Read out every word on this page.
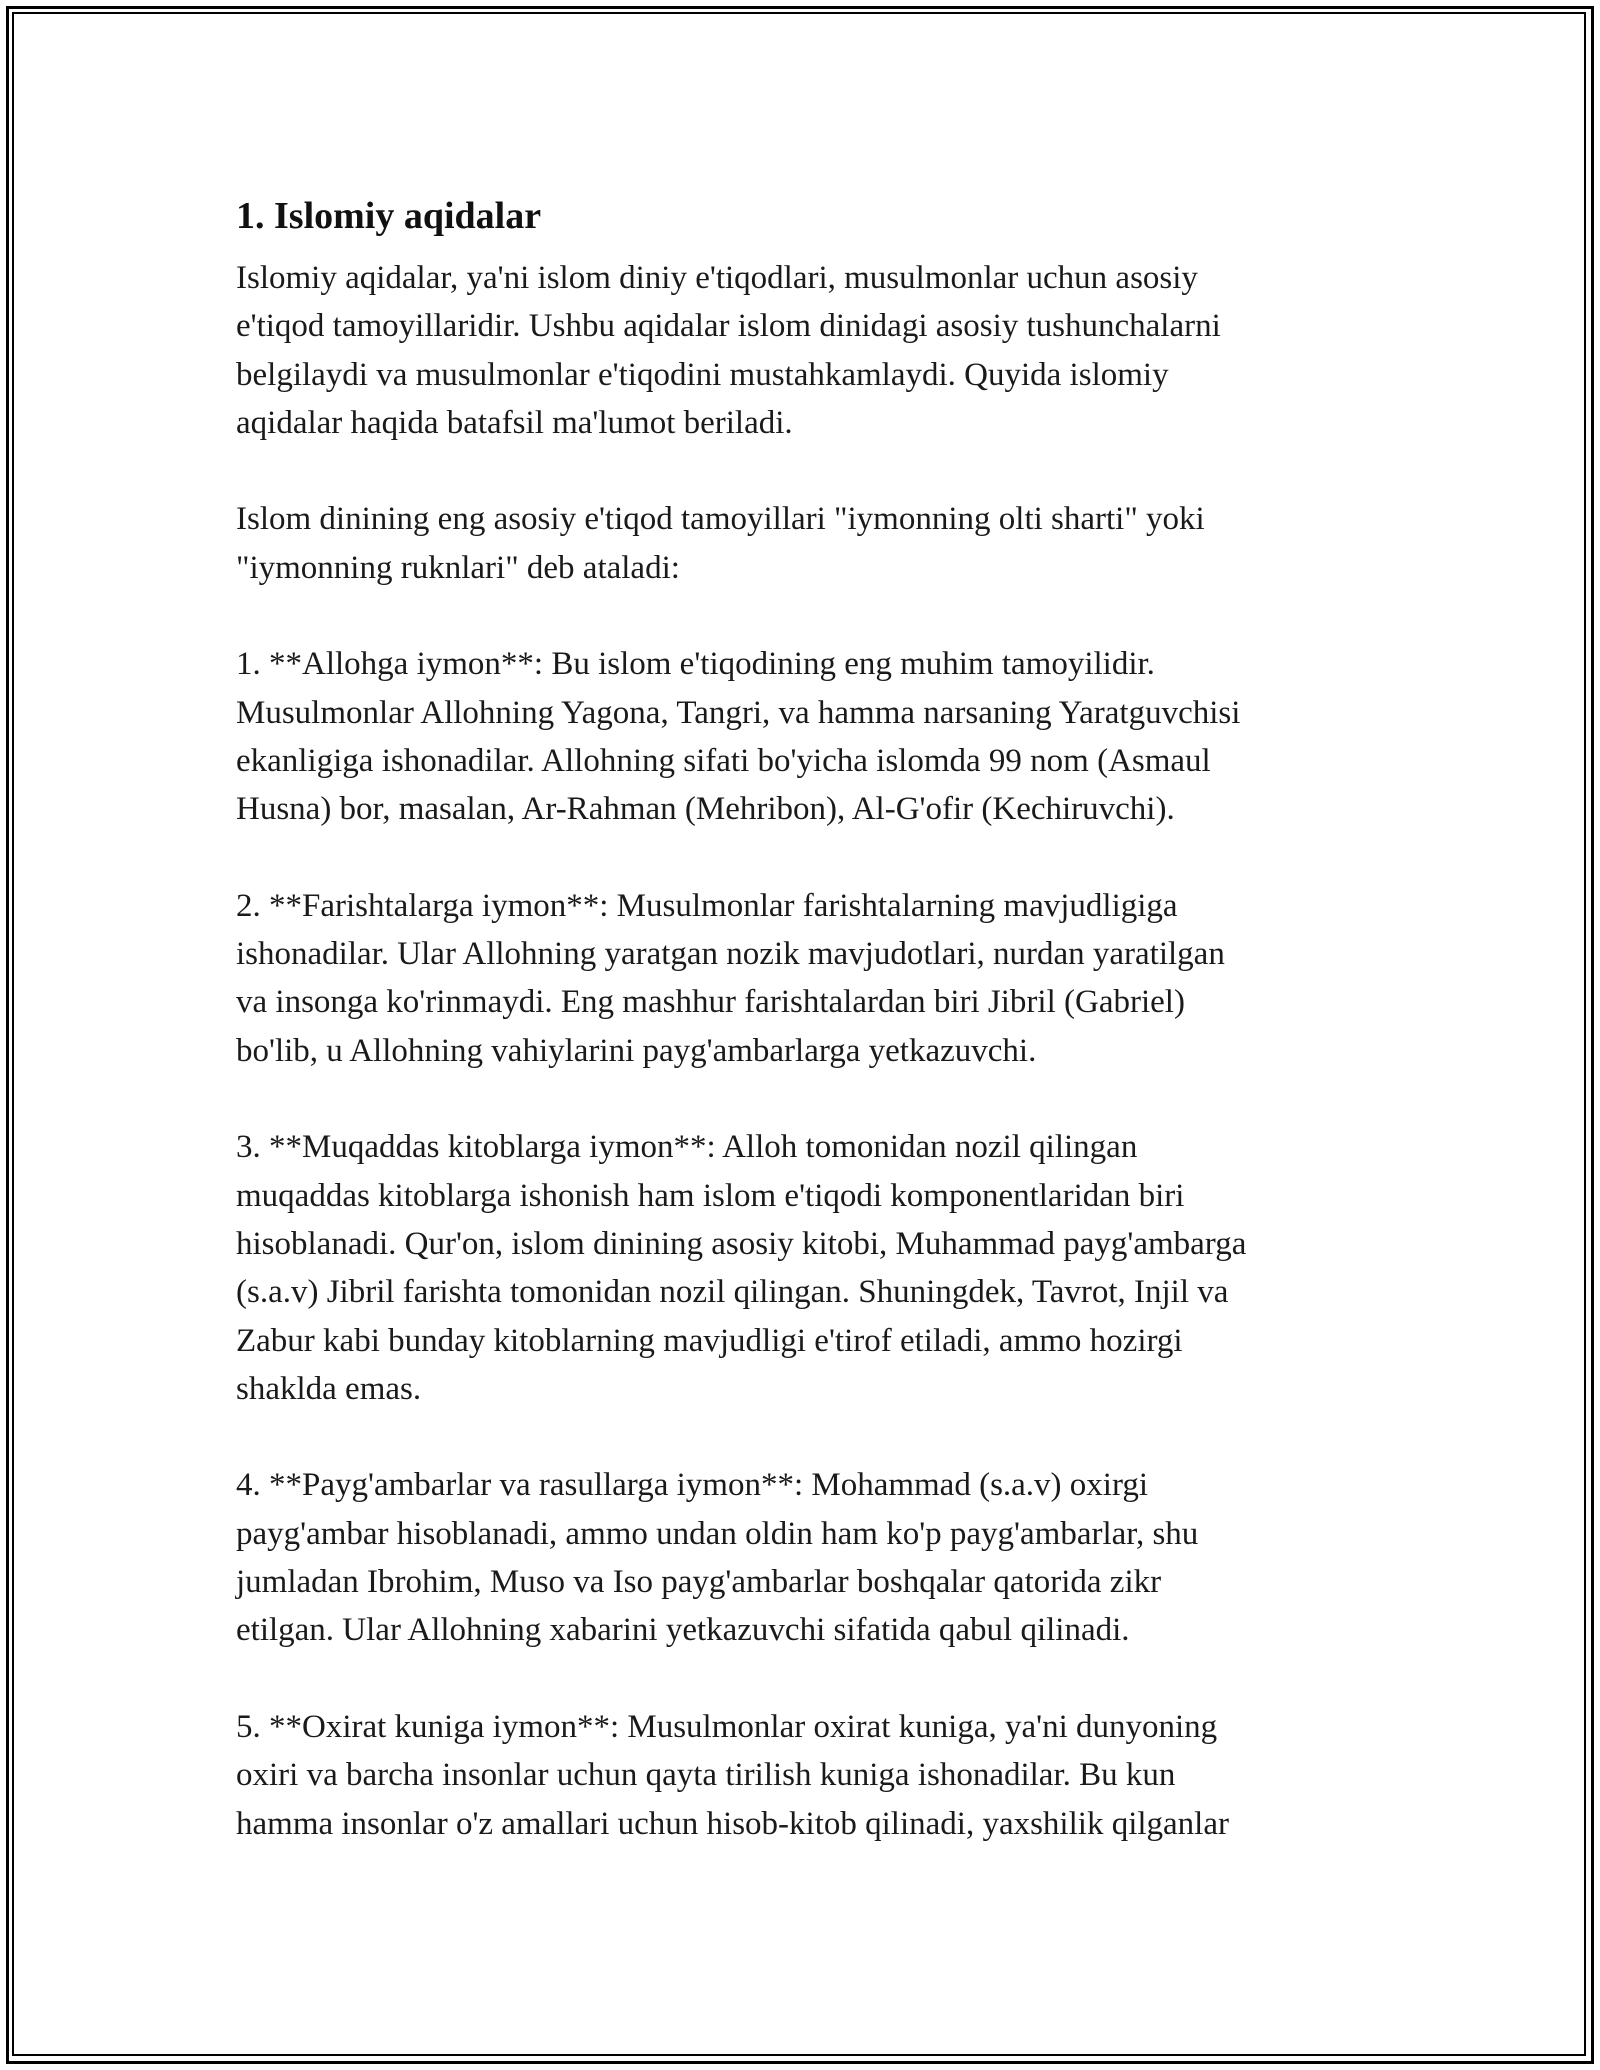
1. Islomiy aqidalar

Islomiy aqidalar, ya'ni islom diniy e'tiqodlari, musulmonlar uchun asosiy
e'tiqod tamoyillaridir. Ushbu aqidalar islom dinidagi asosiy tushunchalarni
belgilaydi va musulmonlar e'tiqodini mustahkamlaydi. Quyida islomiy
aqidalar haqida batafsil ma'lumot beriladi.

Islom dinining eng asosiy e'tiqod tamoyillari "iymonning olti sharti" yoki
"iymonning ruknlari" deb ataladi:

1. **Allohga iymon**: Bu islom e'tiqodining eng muhim tamoyilidir.
Musulmonlar Allohning Yagona, Tangri, va hamma narsaning Yaratguvchisi
ekanligiga ishonadilar. Allohning sifati bo'yicha islomda 99 nom (Asmaul
Husna) bor, masalan, Ar-Rahman (Mehribon), Al-G'ofir (Kechiruvchi).

2. **Farishtalarga iymon**: Musulmonlar farishtalarning mavjudligiga
ishonadilar. Ular Allohning yaratgan nozik mavjudotlari, nurdan yaratilgan
va insonga ko'rinmaydi. Eng mashhur farishtalardan biri Jibril (Gabriel)
bo'lib, u Allohning vahiylarini payg'ambarlarga yetkazuvchi.

3. **Muqaddas kitoblarga iymon**: Alloh tomonidan nozil qilingan
muqaddas kitoblarga ishonish ham islom e'tiqodi komponentlaridan biri
hisoblanadi. Qur'on, islom dinining asosiy kitobi, Muhammad payg'ambarga
(s.a.v) Jibril farishta tomonidan nozil qilingan. Shuningdek, Tavrot, Injil va
Zabur kabi bunday kitoblarning mavjudligi e'tirof etiladi, ammo hozirgi
shaklda emas.

4. **Payg'ambarlar va rasullarga iymon**: Mohammad (s.a.v) oxirgi
payg'ambar hisoblanadi, ammo undan oldin ham ko'p payg'ambarlar, shu
jumladan Ibrohim, Muso va Iso payg'ambarlar boshqalar qatorida zikr
etilgan. Ular Allohning xabarini yetkazuvchi sifatida qabul qilinadi.

5. **Oxirat kuniga iymon**: Musulmonlar oxirat kuniga, ya'ni dunyoning
oxiri va barcha insonlar uchun qayta tirilish kuniga ishonadilar. Bu kun
hamma insonlar o'z amallari uchun hisob-kitob qilinadi, yaxshilik qilganlar
